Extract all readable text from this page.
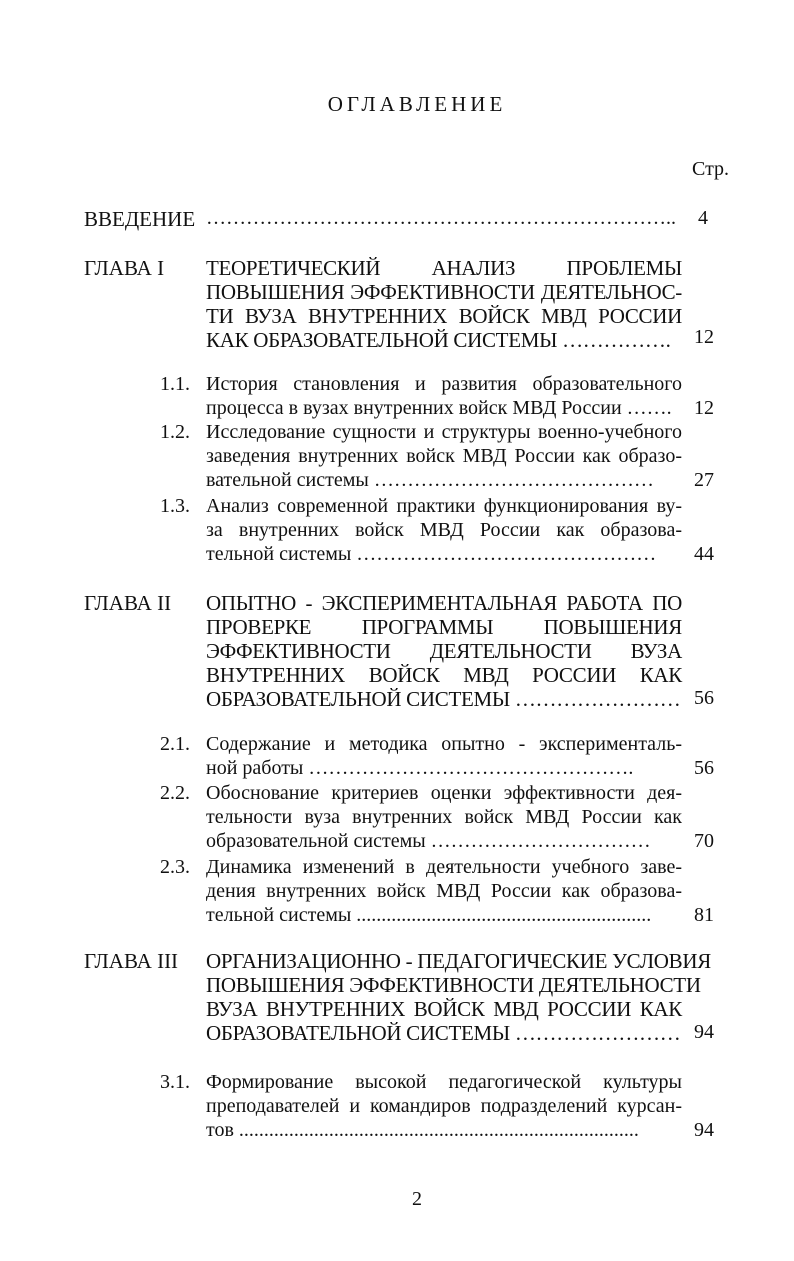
ОГЛАВЛЕНИЕ
Стр.
ВВЕДЕНИЕ ……………………………………………………………..	4
ГЛАВА I ТЕОРЕТИЧЕСКИЙ АНАЛИЗ ПРОБЛЕМЫ
ПОВЫШЕНИЯ ЭФФЕКТИВНОСТИ ДЕЯТЕЛЬНОС-
ТИ ВУЗА ВНУТРЕННИХ ВОЙСК МВД РОССИИ
КАК ОБРАЗОВАТЕЛЬНОЙ СИСТЕМЫ …………….	12
1.1. История становления и развития образовательного
процесса в вузах внутренних войск МВД России …….	12
1.2. Исследование сущности и структуры военно-учебного
заведения внутренних войск МВД России как образо-
вательной системы ……………………………………	27
1.3. Анализ современной практики функционирования ву-
за внутренних войск МВД России как образова-
тельной системы ………………………………………	44
ГЛАВА II ОПЫТНО - ЭКСПЕРИМЕНТАЛЬНАЯ РАБОТА ПО
ПРОВЕРКЕ ПРОГРАММЫ ПОВЫШЕНИЯ
ЭФФЕКТИВНОСТИ ДЕЯТЕЛЬНОСТИ ВУЗА
ВНУТРЕННИХ ВОЙСК МВД РОССИИ КАК
ОБРАЗОВАТЕЛЬНОЙ СИСТЕМЫ …………………… 56
2.1. Содержание и методика опытно - эксперименталь-
ной работы ………………………………………….	56
2.2. Обоснование критериев оценки эффективности дея-
тельности вуза внутренних войск МВД России как
образовательной системы ……………………………	70
2.3. Динамика изменений в деятельности учебного заве-
дения внутренних войск МВД России как образова-
тельной системы ...........................................................	81
ГЛАВА III ОРГАНИЗАЦИОННО - ПЕДАГОГИЧЕСКИЕ УСЛОВИЯ
ПОВЫШЕНИЯ ЭФФЕКТИВНОСТИ ДЕЯТЕЛЬНОСТИ
ВУЗА ВНУТРЕННИХ ВОЙСК МВД РОССИИ КАК
ОБРАЗОВАТЕЛЬНОЙ СИСТЕМЫ …………………… 94
3.1. Формирование высокой педагогической культуры
преподавателей и командиров подразделений курсан-
тов ................................................................................	94
2
